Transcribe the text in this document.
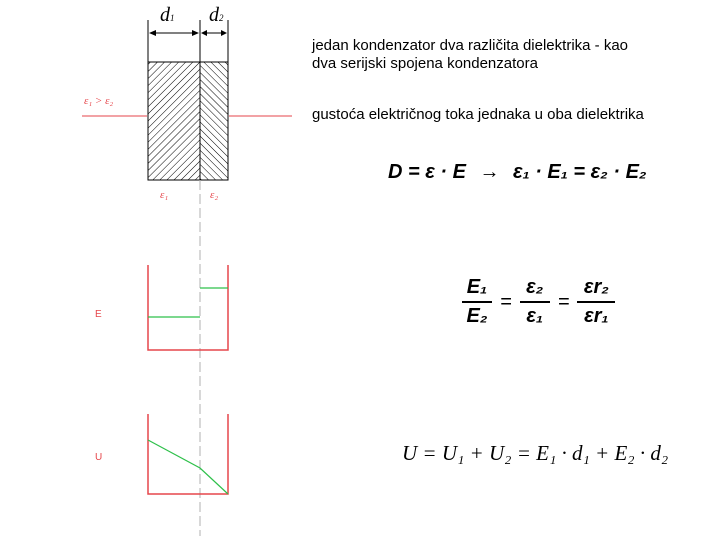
d1 d2
ε₁ > ε₂
ε₁	ε₂
E
U
jedan kondenzator dva različita dielektrika - kao
dva serijski spojena kondenzatora
gustoća električnog toka jednaka u oba dielektrika
D = ε · E → ε₁ · E₁ = ε₂ · E₂
$\frac{\text{E₁}}{\text{E₂}} = \frac{\text{ε₂}}{\text{ε₁}} = \frac{\text{εr₂}}{\text{εr₁}}$
U = U₁ + U₂ = E₁ · d₁ + E₂ · d₂
